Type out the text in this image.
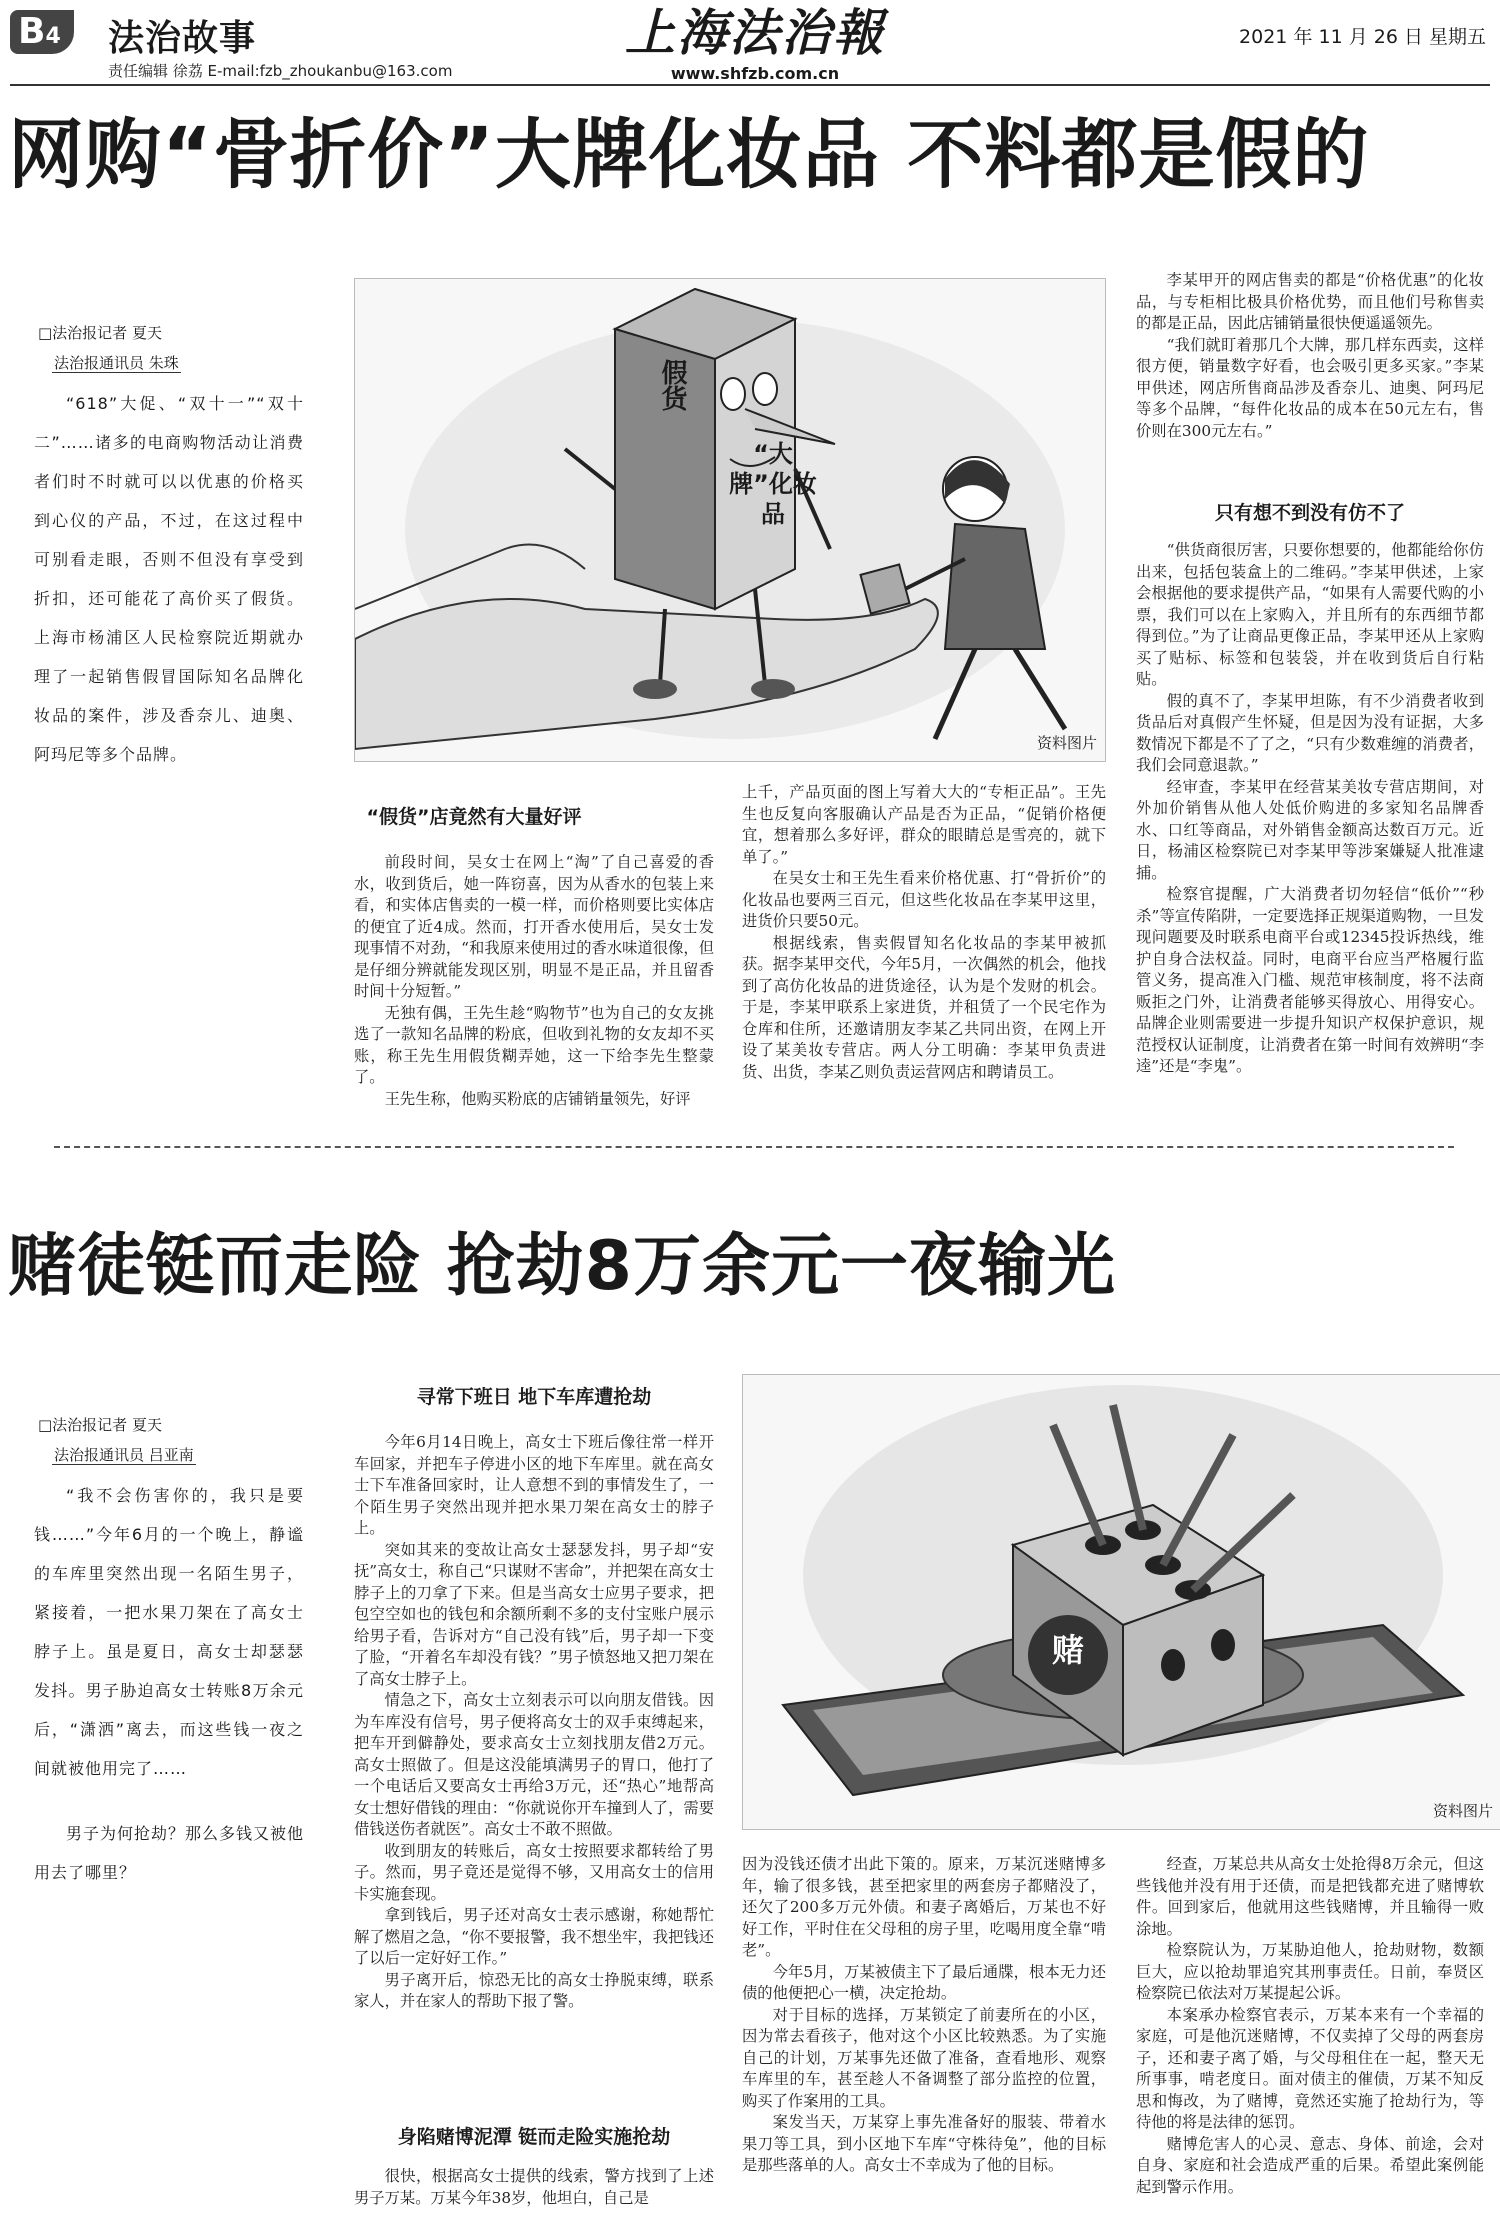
B4	法治故事
责任编辑 徐荔 E-mail:fzb_zhoukanbu@163.com
上海法治報
www.shfzb.com.cn
2021 年 11 月 26 日 星期五
网购“骨折价”大牌化妆品 不料都是假的
□法治报记者 夏天
法治报通讯员 朱珠
“618”大促、“双十一”“双十二”……诸多的电商购物活动让消费者们时不时就可以以优惠的价格买到心仪的产品，不过，在这过程中可别看走眼，否则不但没有享受到折扣，还可能花了高价买了假货。上海市杨浦区人民检察院近期就办理了一起销售假冒国际知名品牌化妆品的案件，涉及香奈儿、迪奥、阿玛尼等多个品牌。
假货
“大牌”化妆品
资料图片
“假货”店竟然有大量好评

前段时间，吴女士在网上“淘”了自己喜爱的香水，收到货后，她一阵窃喜，因为从香水的包装上来看，和实体店售卖的一模一样，而价格则要比实体店的便宜了近4成。然而，打开香水使用后，吴女士发现事情不对劲，“和我原来使用过的香水味道很像，但是仔细分辨就能发现区别，明显不是正品，并且留香时间十分短暂。”

无独有偶，王先生趁“购物节”也为自己的女友挑选了一款知名品牌的粉底，但收到礼物的女友却不买账，称王先生用假货糊弄她，这一下给李先生整蒙了。

王先生称，他购买粉底的店铺销量领先，好评

上千，产品页面的图上写着大大的“专柜正品”。王先生也反复向客服确认产品是否为正品，“促销价格便宜，想着那么多好评，群众的眼睛总是雪亮的，就下单了。”

在吴女士和王先生看来价格优惠、打“骨折价”的化妆品也要两三百元，但这些化妆品在李某甲这里，进货价只要50元。

根据线索，售卖假冒知名化妆品的李某甲被抓获。据李某甲交代，今年5月，一次偶然的机会，他找到了高仿化妆品的进货途径，认为是个发财的机会。于是，李某甲联系上家进货，并租赁了一个民宅作为仓库和住所，还邀请朋友李某乙共同出资，在网上开设了某美妆专营店。两人分工明确：李某甲负责进货、出货，李某乙则负责运营网店和聘请员工。

李某甲开的网店售卖的都是“价格优惠”的化妆品，与专柜相比极具价格优势，而且他们号称售卖的都是正品，因此店铺销量很快便遥遥领先。

“我们就盯着那几个大牌，那几样东西卖，这样很方便，销量数字好看，也会吸引更多买家。”李某甲供述，网店所售商品涉及香奈儿、迪奥、阿玛尼等多个品牌，“每件化妆品的成本在50元左右，售价则在300元左右。”

只有想不到没有仿不了

“供货商很厉害，只要你想要的，他都能给你仿出来，包括包装盒上的二维码。”李某甲供述，上家会根据他的要求提供产品，“如果有人需要代购的小票，我们可以在上家购入，并且所有的东西细节都得到位。”为了让商品更像正品，李某甲还从上家购买了贴标、标签和包装袋，并在收到货后自行粘贴。

假的真不了，李某甲坦陈，有不少消费者收到货品后对真假产生怀疑，但是因为没有证据，大多数情况下都是不了了之，“只有少数难缠的消费者，我们会同意退款。”

经审查，李某甲在经营某美妆专营店期间，对外加价销售从他人处低价购进的多家知名品牌香水、口红等商品，对外销售金额高达数百万元。近日，杨浦区检察院已对李某甲等涉案嫌疑人批准逮捕。

检察官提醒，广大消费者切勿轻信“低价”“秒杀”等宣传陷阱，一定要选择正规渠道购物，一旦发现问题要及时联系电商平台或12345投诉热线，维护自身合法权益。同时，电商平台应当严格履行监管义务，提高准入门槛、规范审核制度，将不法商贩拒之门外，让消费者能够买得放心、用得安心。品牌企业则需要进一步提升知识产权保护意识，规范授权认证制度，让消费者在第一时间有效辨明“李逵”还是“李鬼”。

赌徒铤而走险 抢劫8万余元一夜输光
□法治报记者 夏天
法治报通讯员 吕亚南
“我不会伤害你的，我只是要钱……”今年6月的一个晚上，静谧的车库里突然出现一名陌生男子，紧接着，一把水果刀架在了高女士脖子上。虽是夏日，高女士却瑟瑟发抖。男子胁迫高女士转账8万余元后，“潇洒”离去，而这些钱一夜之间就被他用完了……
男子为何抢劫？那么多钱又被他用去了哪里？
寻常下班日 地下车库遭抢劫

今年6月14日晚上，高女士下班后像往常一样开车回家，并把车子停进小区的地下车库里。就在高女士下车准备回家时，让人意想不到的事情发生了，一个陌生男子突然出现并把水果刀架在高女士的脖子上。

突如其来的变故让高女士瑟瑟发抖，男子却“安抚”高女士，称自己“只谋财不害命”，并把架在高女士脖子上的刀拿了下来。但是当高女士应男子要求，把包空空如也的钱包和余额所剩不多的支付宝账户展示给男子看，告诉对方“自己没有钱”后，男子却一下变了脸，“开着名车却没有钱？”男子愤怒地又把刀架在了高女士脖子上。

情急之下，高女士立刻表示可以向朋友借钱。因为车库没有信号，男子便将高女士的双手束缚起来，把车开到僻静处，要求高女士立刻找朋友借2万元。高女士照做了。但是这没能填满男子的胃口，他打了一个电话后又要高女士再给3万元，还“热心”地帮高女士想好借钱的理由：“你就说你开车撞到人了，需要借钱送伤者就医”。高女士不敢不照做。

收到朋友的转账后，高女士按照要求都转给了男子。然而，男子竟还是觉得不够，又用高女士的信用卡实施套现。

拿到钱后，男子还对高女士表示感谢，称她帮忙解了燃眉之急，“你不要报警，我不想坐牢，我把钱还了以后一定好好工作。”

男子离开后，惊恐无比的高女士挣脱束缚，联系家人，并在家人的帮助下报了警。

身陷赌博泥潭 铤而走险实施抢劫

很快，根据高女士提供的线索，警方找到了上述男子万某。万某今年38岁，他坦白，自己是

赌
资料图片

因为没钱还债才出此下策的。原来，万某沉迷赌博多年，输了很多钱，甚至把家里的两套房子都赌没了，还欠了200多万元外债。和妻子离婚后，万某也不好好工作，平时住在父母租的房子里，吃喝用度全靠“啃老”。

今年5月，万某被债主下了最后通牒，根本无力还债的他便把心一横，决定抢劫。

对于目标的选择，万某锁定了前妻所在的小区，因为常去看孩子，他对这个小区比较熟悉。为了实施自己的计划，万某事先还做了准备，查看地形、观察车库里的车，甚至趁人不备调整了部分监控的位置，购买了作案用的工具。

案发当天，万某穿上事先准备好的服装、带着水果刀等工具，到小区地下车库“守株待兔”，他的目标是那些落单的人。高女士不幸成为了他的目标。

经查，万某总共从高女士处抢得8万余元，但这些钱他并没有用于还债，而是把钱都充进了赌博软件。回到家后，他就用这些钱赌博，并且输得一败涂地。

检察院认为，万某胁迫他人，抢劫财物，数额巨大，应以抢劫罪追究其刑事责任。日前，奉贤区检察院已依法对万某提起公诉。

本案承办检察官表示，万某本来有一个幸福的家庭，可是他沉迷赌博，不仅卖掉了父母的两套房子，还和妻子离了婚，与父母租住在一起，整天无所事事，啃老度日。面对债主的催债，万某不知反思和悔改，为了赌博，竟然还实施了抢劫行为，等待他的将是法律的惩罚。

赌博危害人的心灵、意志、身体、前途，会对自身、家庭和社会造成严重的后果。希望此案例能起到警示作用。
